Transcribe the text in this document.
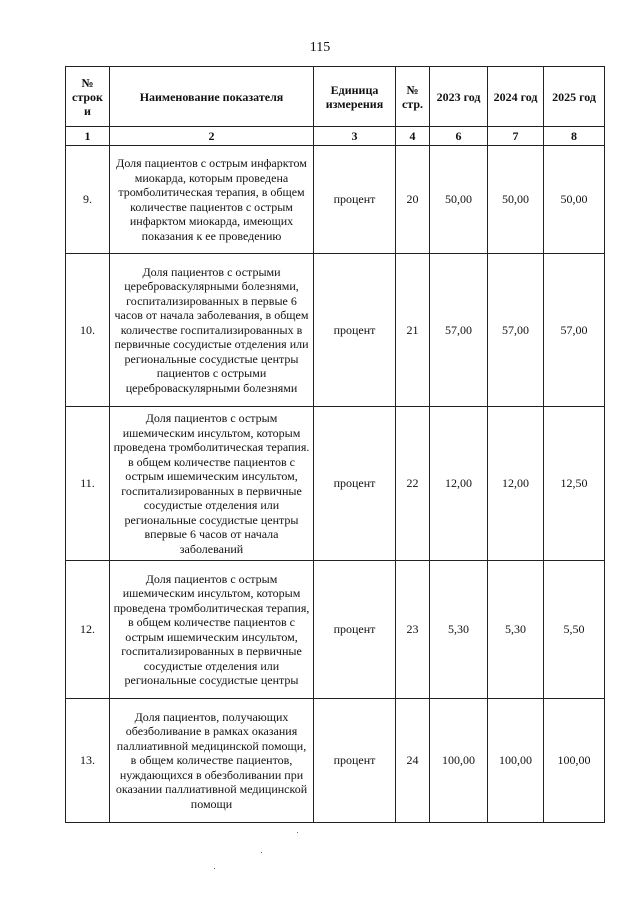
115
№ строк и	Наименование показателя	Единица измерения	№ стр.	2023 год	2024 год	2025 год
1	2	3	4	6	7	8
9.	Доля пациентов с острым инфарктом миокарда, которым проведена тромболитическая терапия, в общем количестве пациентов с острым инфарктом миокарда, имеющих показания к ее проведению	процент	20	50,00	50,00	50,00
10.	Доля пациентов с острыми цереброваскулярными болезнями, госпитализированных в первые 6 часов от начала заболевания, в общем количестве госпитализированных в первичные сосудистые отделения или региональные сосудистые центры пациентов с острыми цереброваскулярными болезнями	процент	21	57,00	57,00	57,00
11.	Доля пациентов с острым ишемическим инсультом, которым проведена тромболитическая терапия. в общем количестве пациентов с острым ишемическим инсультом, госпитализированных в первичные сосудистые отделения или региональные сосудистые центры впервые 6 часов от начала заболеваний	процент	22	12,00	12,00	12,50
12.	Доля пациентов с острым ишемическим инсультом, которым проведена тромболитическая терапия, в общем количестве пациентов с острым ишемическим инсультом, госпитализированных в первичные сосудистые отделения или региональные сосудистые центры	процент	23	5,30	5,30	5,50
13.	Доля пациентов, получающих обезболивание в рамках оказания паллиативной медицинской помощи, в общем количестве пациентов, нуждающихся в обезболивании при оказании паллиативной медицинской помощи	процент	24	100,00	100,00	100,00
